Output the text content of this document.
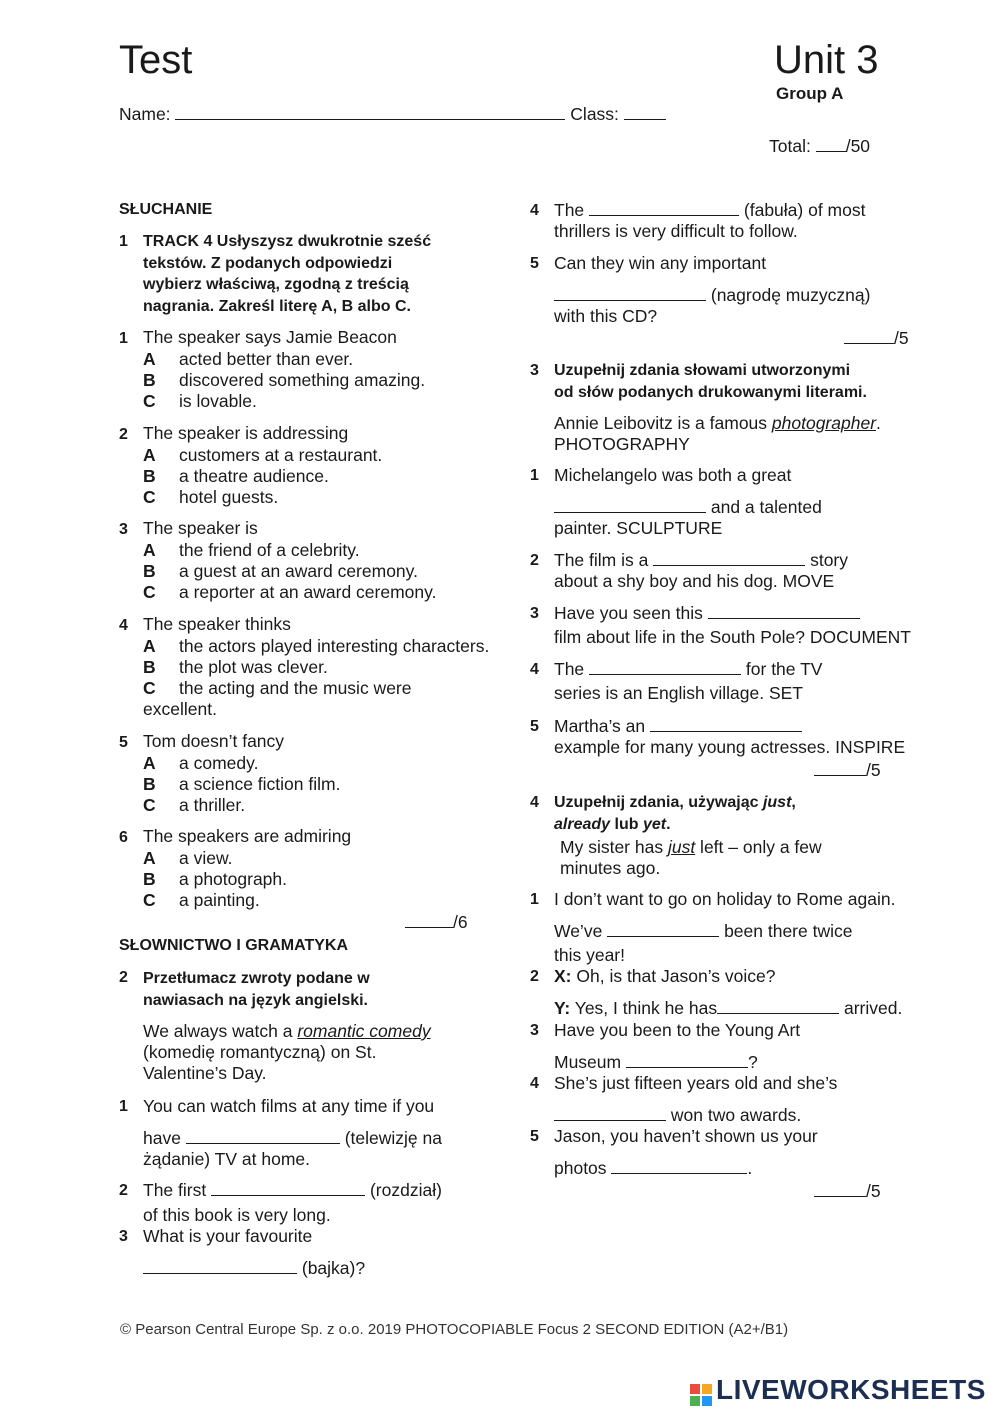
Test	Unit 3
Group A
Name:	Class:
Total: /50
SŁUCHANIE
1 TRACK 4 Usłyszysz dwukrotnie sześć
tekstów. Z podanych odpowiedzi
wybierz właściwą, zgodną z treścią
nagrania. Zakreśl literę A, B albo C.
1 The speaker says Jamie Beacon
A acted better than ever.
B discovered something amazing.
C is lovable.
2 The speaker is addressing
A customers at a restaurant.
B a theatre audience.
C hotel guests.
3 The speaker is
A the friend of a celebrity.
B a guest at an award ceremony.
C a reporter at an award ceremony.
4 The speaker thinks
A the actors played interesting characters.
B the plot was clever.
C the acting and the music were
excellent.
5 Tom doesn’t fancy
A a comedy.
B a science fiction film.
C a thriller.
6 The speakers are admiring
A a view.
B a photograph.
C a painting.
/6
SŁOWNICTWO I GRAMATYKA
2 Przetłumacz zwroty podane w
nawiasach na język angielski.
We always watch a romantic comedy
(komedię romantyczną) on St.
Valentine’s Day.
1 You can watch films at any time if you
have	(telewizję na
żądanie) TV at home.
2 The first	(rozdział)
of this book is very long.
3 What is your favourite
(bajka)?
4 The	(fabuła) of most
thrillers is very difficult to follow.
5 Can they win any important
(nagrodę muzyczną)
with this CD?
/5
3 Uzupełnij zdania słowami utworzonymi
od słów podanych drukowanymi literami.
Annie Leibovitz is a famous photographer.
PHOTOGRAPHY
1 Michelangelo was both a great
and a talented
painter. SCULPTURE
2 The film is a	story
about a shy boy and his dog. MOVE
3 Have you seen this
film about life in the South Pole? DOCUMENT
4 The	for the TV
series is an English village. SET
5 Martha’s an
example for many young actresses. INSPIRE
/5
4 Uzupełnij zdania, używając just,
already lub yet.
My sister has just left – only a few
minutes ago.
1 I don’t want to go on holiday to Rome again.
We’ve	been there twice
this year!
2 X: Oh, is that Jason’s voice?
Y: Yes, I think he has	arrived.
3 Have you been to the Young Art
Museum	?
4 She’s just fifteen years old and she’s
won two awards.
5 Jason, you haven’t shown us your
photos	.
/5
© Pearson Central Europe Sp. z o.o. 2019 PHOTOCOPIABLE Focus 2 SECOND EDITION (A2+/B1)
LIVEWORKSHEETS
